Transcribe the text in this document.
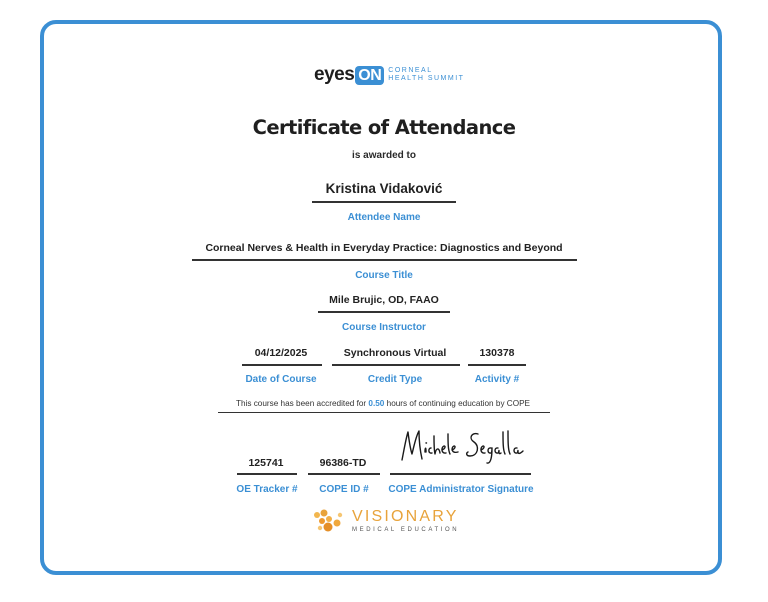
eyes ON	CORNEAL
HEALTH SUMMIT
Certificate of Attendance
is awarded to
Kristina Vidaković
Attendee Name
Corneal Nerves & Health in Everyday Practice: Diagnostics and Beyond
Course Title
Mile Brujic, OD, FAAO
Course Instructor
04/12/2025
Date of Course
Synchronous Virtual
Credit Type
130378
Activity #
This course has been accredited for 0.50 hours of continuing education by COPE
125741
OE Tracker #
96386-TD
COPE ID #	COPE Administrator Signature
VISIONARY
MEDICAL EDUCATION
